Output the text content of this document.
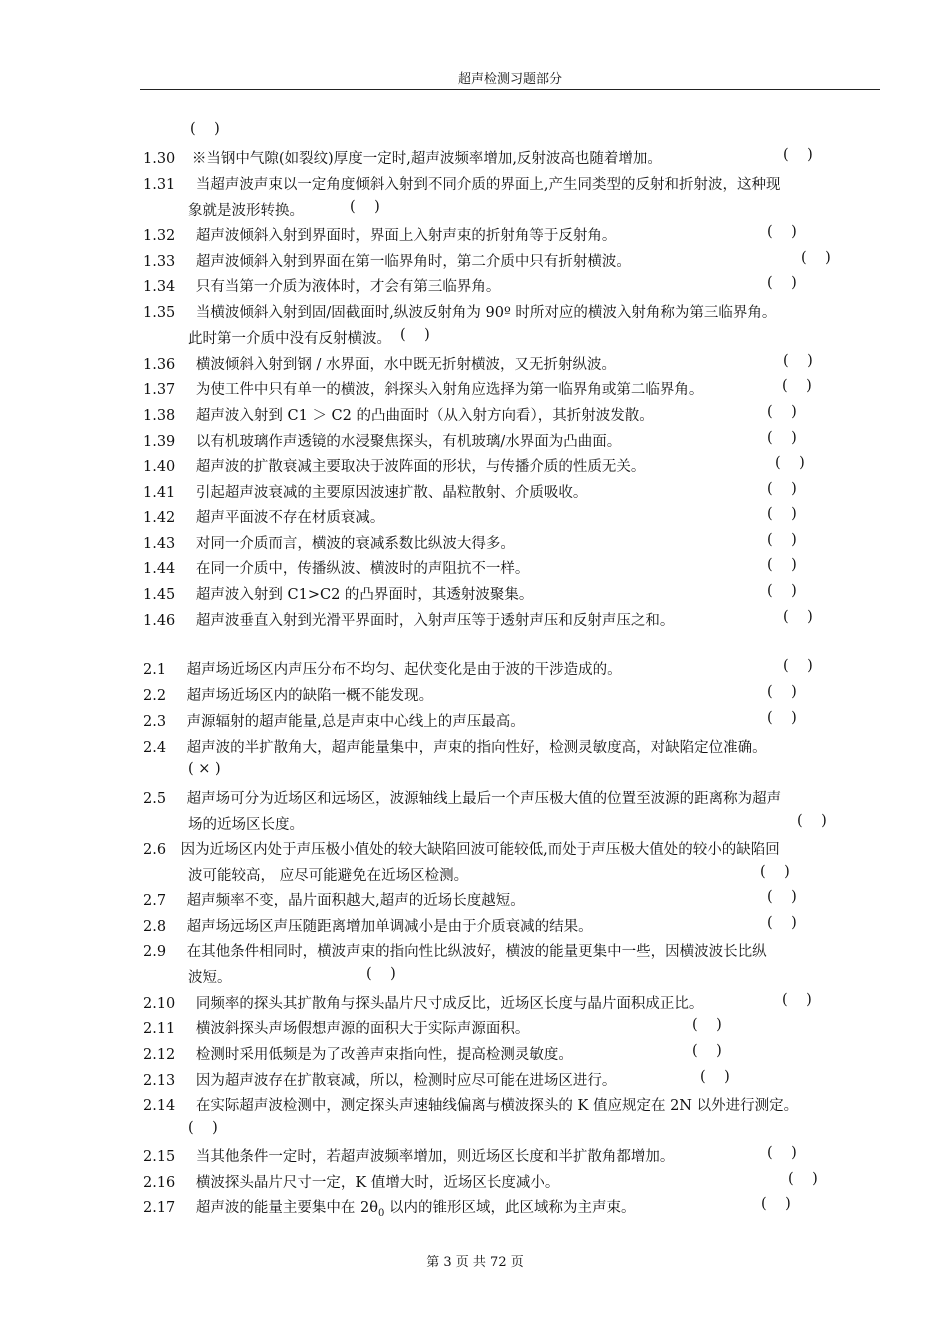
超声检测习题部分
(    )
1.30 ※当钢中气隙(如裂纹)厚度一定时,超声波频率增加,反射波高也随着增加。	(    )
1.31 当超声波声束以一定角度倾斜入射到不同介质的界面上,产生同类型的反射和折射波，这种现
象就是波形转换。	(    )
1.32 超声波倾斜入射到界面时，界面上入射声束的折射角等于反射角。	(    )
1.33 超声波倾斜入射到界面在第一临界角时，第二介质中只有折射横波。	(    )
1.34 只有当第一介质为液体时，才会有第三临界角。	(    )
1.35 当横波倾斜入射到固/固截面时,纵波反射角为 90º 时所对应的横波入射角称为第三临界角。
此时第一介质中没有反射横波。 (    )
1.36 横波倾斜入射到钢 / 水界面，水中既无折射横波，又无折射纵波。	(    )
1.37 为使工件中只有单一的横波，斜探头入射角应选择为第一临界角或第二临界角。	(    )
1.38 超声波入射到 C1 ＞ C2 的凸曲面时（从入射方向看），其折射波发散。	(    )
1.39 以有机玻璃作声透镜的水浸聚焦探头，有机玻璃/水界面为凸曲面。	(    )
1.40 超声波的扩散衰减主要取决于波阵面的形状，与传播介质的性质无关。	(    )
1.41 引起超声波衰减的主要原因波速扩散、晶粒散射、介质吸收。	(    )
1.42 超声平面波不存在材质衰减。	(    )
1.43 对同一介质而言，横波的衰减系数比纵波大得多。	(    )
1.44 在同一介质中，传播纵波、横波时的声阻抗不一样。	(    )
1.45 超声波入射到 C1>C2 的凸界面时，其透射波聚集。	(    )
1.46 超声波垂直入射到光滑平界面时，入射声压等于透射声压和反射声压之和。	(    )
2.1 超声场近场区内声压分布不均匀、起伏变化是由于波的干涉造成的。	(    )
2.2 超声场近场区内的缺陷一概不能发现。	(    )
2.3 声源辐射的超声能量,总是声束中心线上的声压最高。	(    )
2.4 超声波的半扩散角大，超声能量集中，声束的指向性好，检测灵敏度高，对缺陷定位准确。
( × )
2.5 超声场可分为近场区和远场区，波源轴线上最后一个声压极大值的位置至波源的距离称为超声
场的近场区长度。	(    )
2.6 因为近场区内处于声压极小值处的较大缺陷回波可能较低,而处于声压极大值处的较小的缺陷回
波可能较高， 应尽可能避免在近场区检测。	(    )
2.7 超声频率不变，晶片面积越大,超声的近场长度越短。	(    )
2.8 超声场远场区声压随距离增加单调减小是由于介质衰减的结果。	(    )
2.9 在其他条件相同时，横波声束的指向性比纵波好，横波的能量更集中一些，因横波波长比纵
波短。	(    )
2.10 同频率的探头其扩散角与探头晶片尺寸成反比，近场区长度与晶片面积成正比。	(    )
2.11 横波斜探头声场假想声源的面积大于实际声源面积。	(    )
2.12 检测时采用低频是为了改善声束指向性，提高检测灵敏度。	(    )
2.13 因为超声波存在扩散衰减，所以，检测时应尽可能在进场区进行。	(    )
2.14 在实际超声波检测中，测定探头声速轴线偏离与横波探头的 K 值应规定在 2N 以外进行测定。
(    )
2.15 当其他条件一定时，若超声波频率增加，则近场区长度和半扩散角都增加。	(    )
2.16 横波探头晶片尺寸一定，K 值增大时，近场区长度减小。	(    )
2.17 超声波的能量主要集中在 $2\theta_0$ 以内的锥形区域，此区域称为主声束。	(    )
第 3 页 共 72 页
